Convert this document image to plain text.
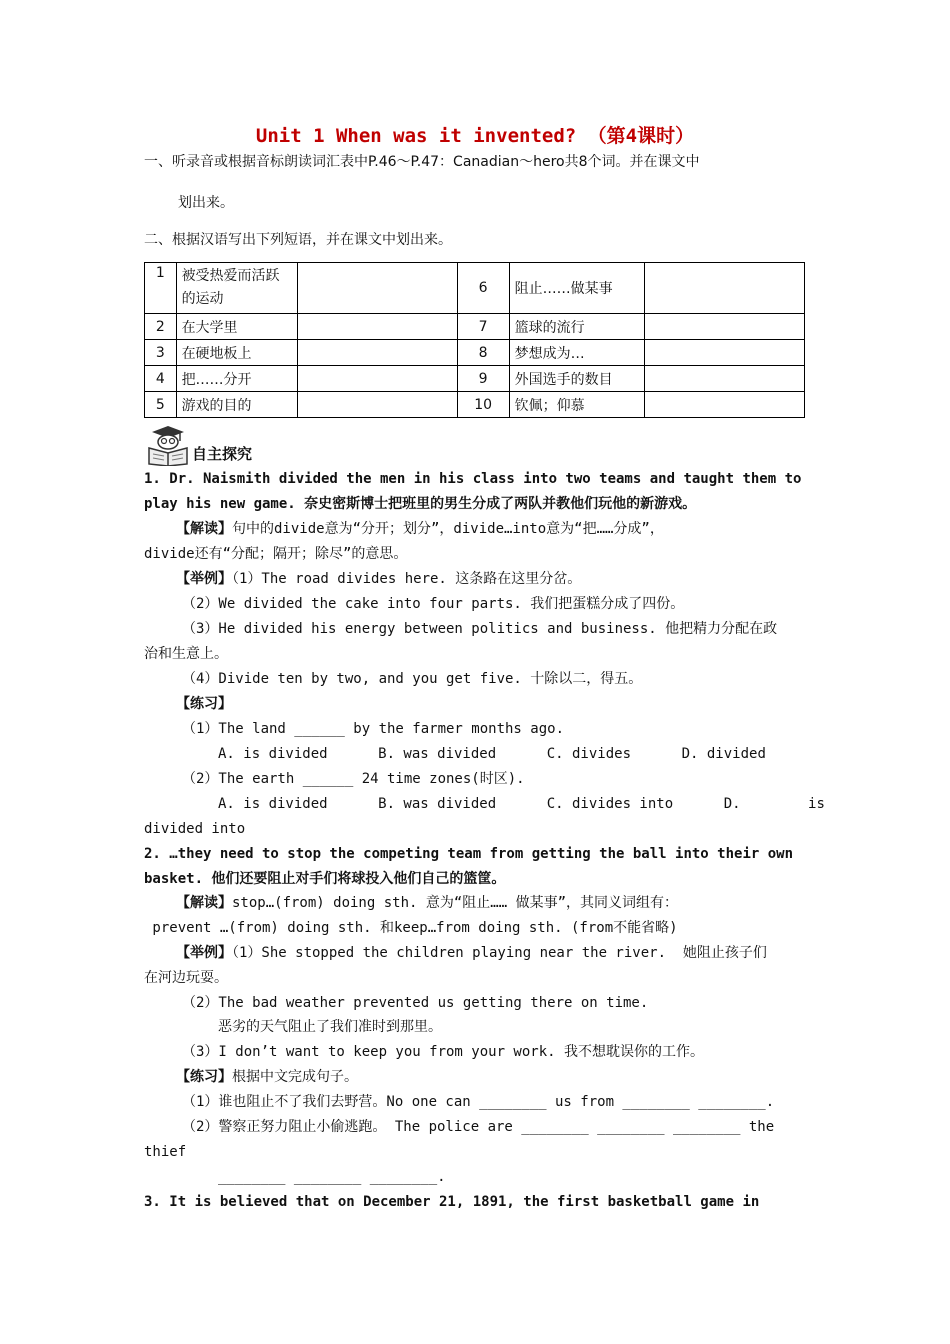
Unit 1 When was it invented? （第4课时）
一、听录音或根据音标朗读词汇表中P.46～P.47：Canadian～hero共8个词。并在课文中
划出来。
二、根据汉语写出下列短语，并在课文中划出来。
1	被受热爱而活跃的运动		6	阻止……做某事	
2	在大学里		7	篮球的流行	
3	在硬地板上		8	梦想成为…	
4	把……分开		9	外国选手的数目	
5	游戏的目的		10	钦佩；仰慕	
自主探究
1. Dr. Naismith divided the men in his class into two teams and taught them to
play his new game. 奈史密斯博士把班里的男生分成了两队并教他们玩他的新游戏。
【解读】句中的divide意为“分开；划分”，divide…into意为“把……分成”，
divide还有“分配；隔开；除尽”的意思。
【举例】（1）The road divides here. 这条路在这里分岔。
（2）We divided the cake into four parts. 我们把蛋糕分成了四份。
（3）He divided his energy between politics and business. 他把精力分配在政
治和生意上。
（4）Divide ten by two, and you get five. 十除以二，得五。
【练习】
（1）The land ______ by the farmer months ago.
A. is divided      B. was divided      C. divides      D. divided
（2）The earth ______ 24 time zones(时区).
A. is divided      B. was divided      C. divides into      D.        is
divided into
2. …they need to stop the competing team from getting the ball into their own
basket. 他们还要阻止对手们将球投入他们自己的篮筐。
【解读】stop…(from) doing sth. 意为“阻止…… 做某事”，其同义词组有：
prevent …(from) doing sth. 和keep…from doing sth. (from不能省略)
【举例】（1）She stopped the children playing near the river.  她阻止孩子们
在河边玩耍。
（2）The bad weather prevented us getting there on time.
恶劣的天气阻止了我们准时到那里。
（3）I don’t want to keep you from your work. 我不想耽误你的工作。
【练习】根据中文完成句子。
（1）谁也阻止不了我们去野营。No one can ________ us from ________ ________.
（2）警察正努力阻止小偷逃跑。 The police are ________ ________ ________ the
thief
________ ________ ________.
3. It is believed that on December 21, 1891, the first basketball game in
